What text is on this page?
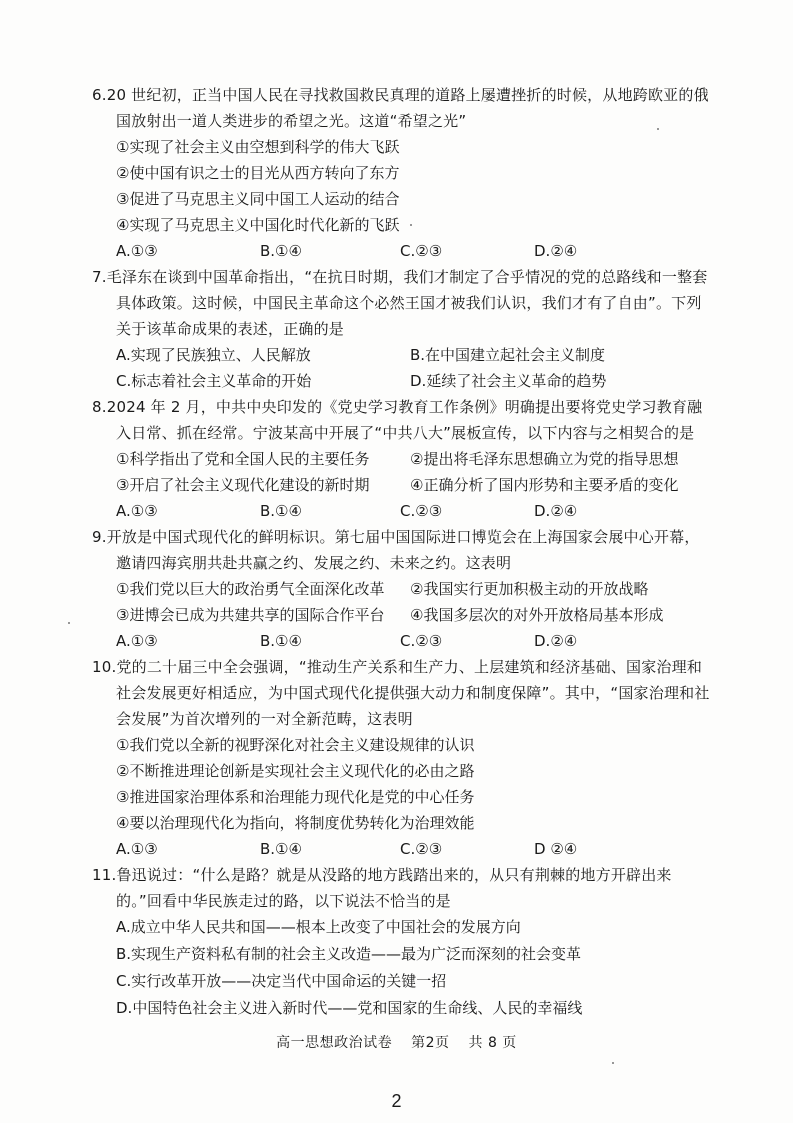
6.20 世纪初，正当中国人民在寻找救国救民真理的道路上屡遭挫折的时候，从地跨欧亚的俄国放射出一道人类进步的希望之光。这道“希望之光”

①实现了社会主义由空想到科学的伟大飞跃

②使中国有识之士的目光从西方转向了东方

③促进了马克思主义同中国工人运动的结合

④实现了马克思主义中国化时代化新的飞跃

A.①③	B.①④	C.②③	D.②④

7.毛泽东在谈到中国革命指出，“在抗日时期，我们才制定了合乎情况的党的总路线和一整套具体政策。这时候，中国民主革命这个必然王国才被我们认识，我们才有了自由”。下列关于该革命成果的表述，正确的是

A.实现了民族独立、人民解放	B.在中国建立起社会主义制度
C.标志着社会主义革命的开始	D.延续了社会主义革命的趋势

8.2024 年 2 月，中共中央印发的《党史学习教育工作条例》明确提出要将党史学习教育融入日常、抓在经常。宁波某高中开展了“中共八大”展板宣传，以下内容与之相契合的是

①科学指出了党和全国人民的主要任务	②提出将毛泽东思想确立为党的指导思想
③开启了社会主义现代化建设的新时期	④正确分析了国内形势和主要矛盾的变化
A.①③	B.①④	C.②③	D.②④

9.开放是中国式现代化的鲜明标识。第七届中国国际进口博览会在上海国家会展中心开幕，邀请四海宾朋共赴共赢之约、发展之约、未来之约。这表明

①我们党以巨大的政治勇气全面深化改革	②我国实行更加积极主动的开放战略
③进博会已成为共建共享的国际合作平台	④我国多层次的对外开放格局基本形成
A.①③	B.①④	C.②③	D.②④

10.党的二十届三中全会强调，“推动生产关系和生产力、上层建筑和经济基础、国家治理和社会发展更好相适应，为中国式现代化提供强大动力和制度保障”。其中，“国家治理和社会发展”为首次增列的一对全新范畴，这表明

①我们党以全新的视野深化对社会主义建设规律的认识

②不断推进理论创新是实现社会主义现代化的必由之路

③推进国家治理体系和治理能力现代化是党的中心任务

④要以治理现代化为指向，将制度优势转化为治理效能

A.①③	B.①④	C.②③	D ②④

11.鲁迅说过：“什么是路？就是从没路的地方践踏出来的，从只有荆棘的地方开辟出来的。”回看中华民族走过的路，以下说法不恰当的是

A.成立中华人民共和国——根本上改变了中国社会的发展方向

B.实现生产资料私有制的社会主义改造——最为广泛而深刻的社会变革

C.实行改革开放——决定当代中国命运的关键一招

D.中国特色社会主义进入新时代——党和国家的生命线、人民的幸福线

高一思想政治试卷 第2页 共 8 页
2
